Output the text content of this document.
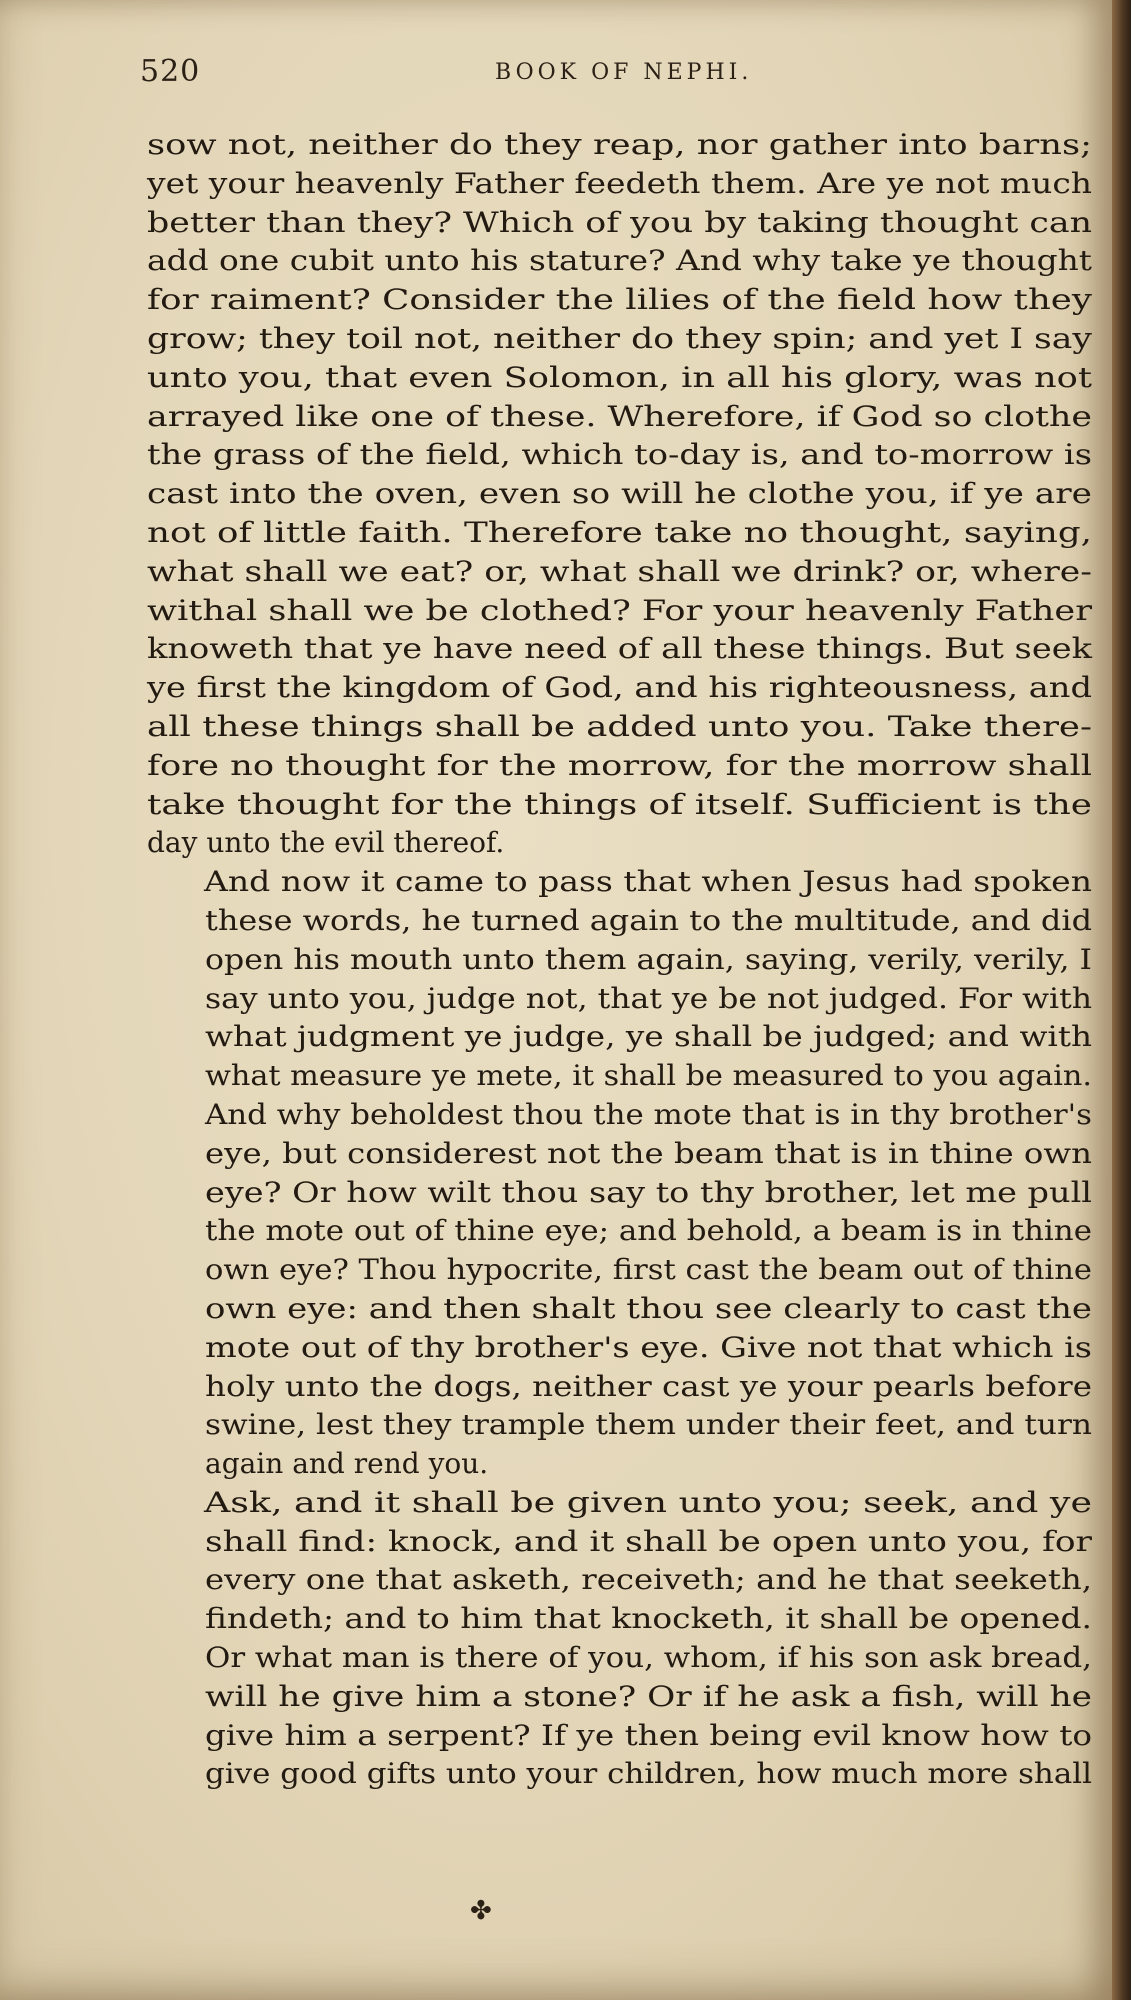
520	BOOK OF NEPHI.
sow not, neither do they reap, nor gather into barns;
yet your heavenly Father feedeth them. Are ye not much
better than they? Which of you by taking thought can
add one cubit unto his stature? And why take ye thought
for raiment? Consider the lilies of the field how they
grow; they toil not, neither do they spin; and yet I say
unto you, that even Solomon, in all his glory, was not
arrayed like one of these. Wherefore, if God so clothe
the grass of the field, which to-day is, and to-morrow is
cast into the oven, even so will he clothe you, if ye are
not of little faith. Therefore take no thought, saying,
what shall we eat? or, what shall we drink? or, where-
withal shall we be clothed? For your heavenly Father
knoweth that ye have need of all these things. But seek
ye first the kingdom of God, and his righteousness, and
all these things shall be added unto you. Take there-
fore no thought for the morrow, for the morrow shall
take thought for the things of itself. Sufficient is the
day unto the evil thereof.
And now it came to pass that when Jesus had spoken
these words, he turned again to the multitude, and did
open his mouth unto them again, saying, verily, verily, I
say unto you, judge not, that ye be not judged. For with
what judgment ye judge, ye shall be judged; and with
what measure ye mete, it shall be measured to you again.
And why beholdest thou the mote that is in thy brother's
eye, but considerest not the beam that is in thine own
eye? Or how wilt thou say to thy brother, let me pull
the mote out of thine eye; and behold, a beam is in thine
own eye? Thou hypocrite, first cast the beam out of thine
own eye: and then shalt thou see clearly to cast the
mote out of thy brother's eye. Give not that which is
holy unto the dogs, neither cast ye your pearls before
swine, lest they trample them under their feet, and turn
again and rend you.
Ask, and it shall be given unto you; seek, and ye
shall find: knock, and it shall be open unto you, for
every one that asketh, receiveth; and he that seeketh,
findeth; and to him that knocketh, it shall be opened.
Or what man is there of you, whom, if his son ask bread,
will he give him a stone? Or if he ask a fish, will he
give him a serpent? If ye then being evil know how to
give good gifts unto your children, how much more shall
✤
